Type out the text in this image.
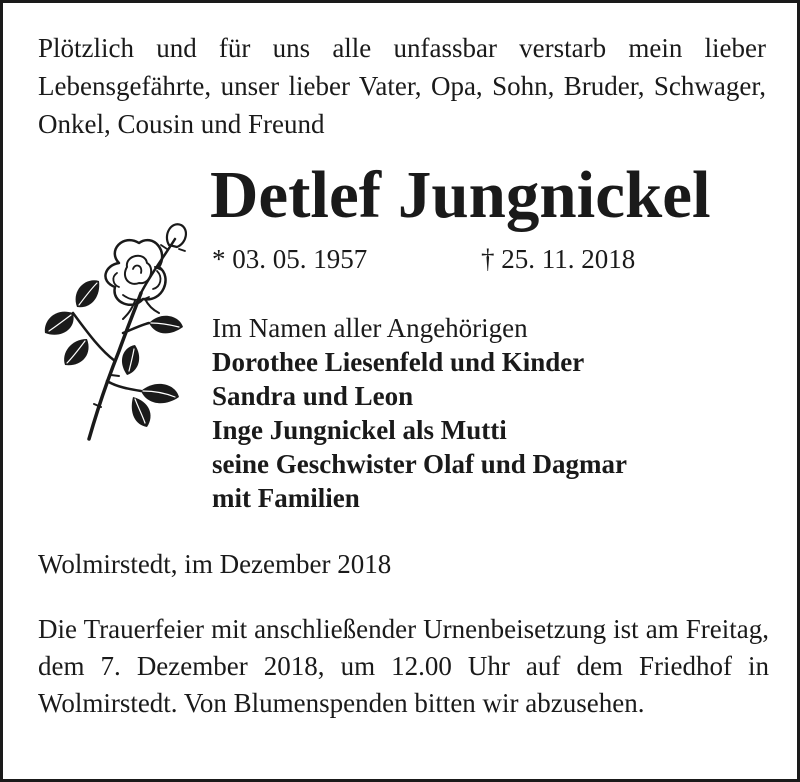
Plötzlich und für uns alle unfassbar verstarb mein lieber Lebensgefährte, unser lieber Vater, Opa, Sohn, Bruder, Schwager, Onkel, Cousin und Freund
Detlef Jungnickel
* 03. 05. 1957	† 25. 11. 2018
Im Namen aller Angehörigen
Dorothee Liesenfeld und Kinder
Sandra und Leon
Inge Jungnickel als Mutti
seine Geschwister Olaf und Dagmar
mit Familien
Wolmirstedt, im Dezember 2018
Die Trauerfeier mit anschließender Urnenbeisetzung ist am Freitag, dem 7. Dezember 2018, um 12.00 Uhr auf dem Friedhof in Wolmirstedt. Von Blumenspenden bitten wir abzusehen.
